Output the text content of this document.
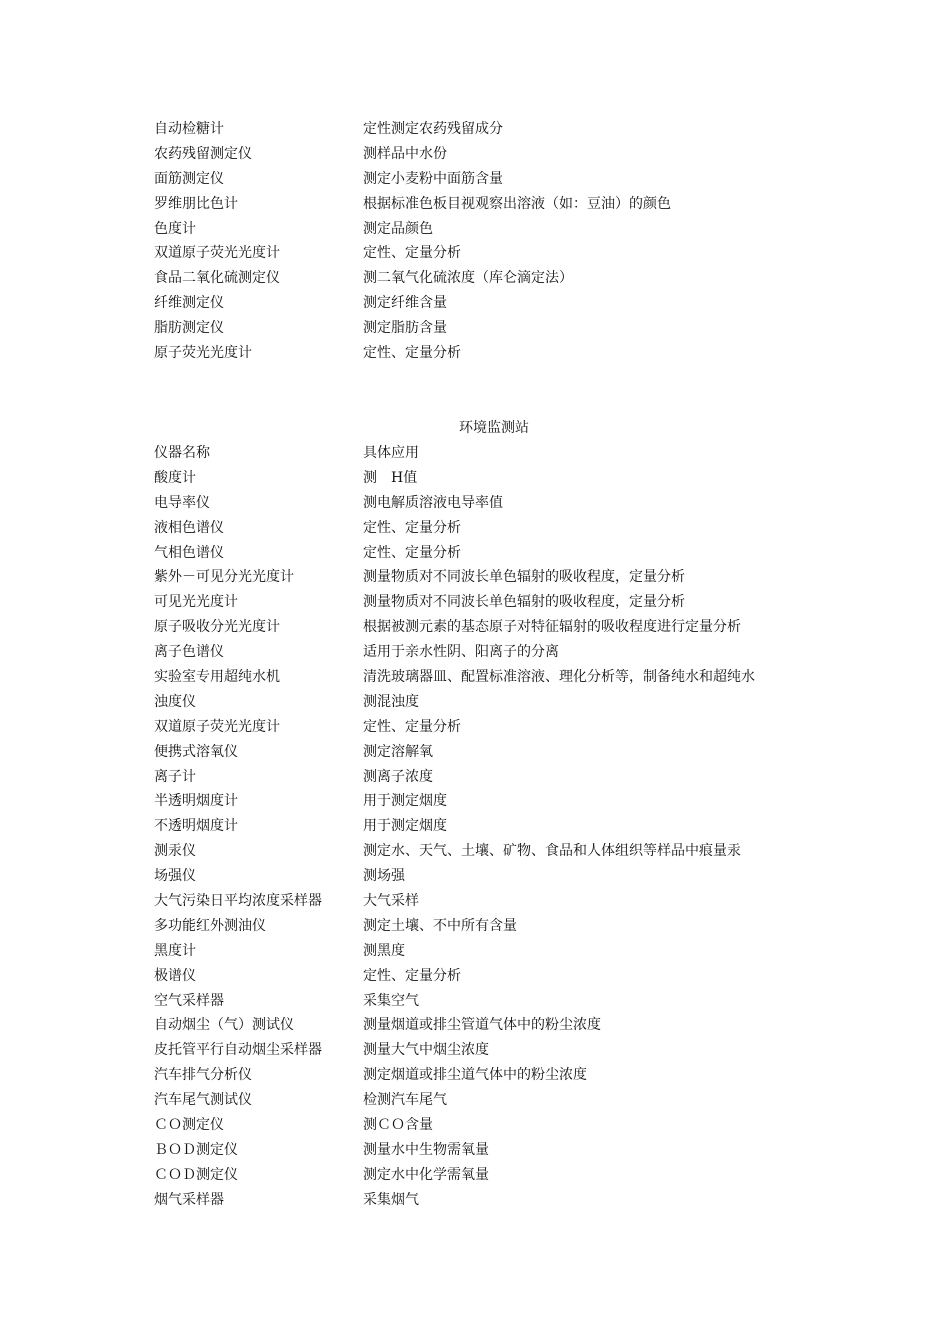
自动检糖计	定性测定农药残留成分
农药残留测定仪	测样品中水份
面筋测定仪	测定小麦粉中面筋含量
罗维朋比色计	根据标准色板目视观察出溶液（如：豆油）的颜色
色度计	测定品颜色
双道原子荧光光度计	定性、定量分析
食品二氧化硫测定仪	测二氧气化硫浓度（库仑滴定法）
纤维测定仪	测定纤维含量
脂肪测定仪	测定脂肪含量
原子荧光光度计	定性、定量分析
环境监测站
仪器名称	具体应用
酸度计	测　H值
电导率仪	测电解质溶液电导率值
液相色谱仪	定性、定量分析
气相色谱仪	定性、定量分析
紫外－可见分光光度计	测量物质对不同波长单色辐射的吸收程度，定量分析
可见光光度计	测量物质对不同波长单色辐射的吸收程度，定量分析
原子吸收分光光度计	根据被测元素的基态原子对特征辐射的吸收程度进行定量分析
离子色谱仪	适用于亲水性阴、阳离子的分离
实验室专用超纯水机	清洗玻璃器皿、配置标准溶液、理化分析等，制备纯水和超纯水
浊度仪	测混浊度
双道原子荧光光度计	定性、定量分析
便携式溶氧仪	测定溶解氧
离子计	测离子浓度
半透明烟度计	用于测定烟度
不透明烟度计	用于测定烟度
测汞仪	测定水、天气、土壤、矿物、食品和人体组织等样品中痕量汞
场强仪	测场强
大气污染日平均浓度采样器	大气采样
多功能红外测油仪	测定土壤、不中所有含量
黑度计	测黑度
极谱仪	定性、定量分析
空气采样器	采集空气
自动烟尘（气）测试仪	测量烟道或排尘管道气体中的粉尘浓度
皮托管平行自动烟尘采样器	测量大气中烟尘浓度
汽车排气分析仪	测定烟道或排尘道气体中的粉尘浓度
汽车尾气测试仪	检测汽车尾气
ＣＯ测定仪	测ＣＯ含量
ＢＯＤ测定仪	测量水中生物需氧量
ＣＯＤ测定仪	测定水中化学需氧量
烟气采样器	采集烟气
